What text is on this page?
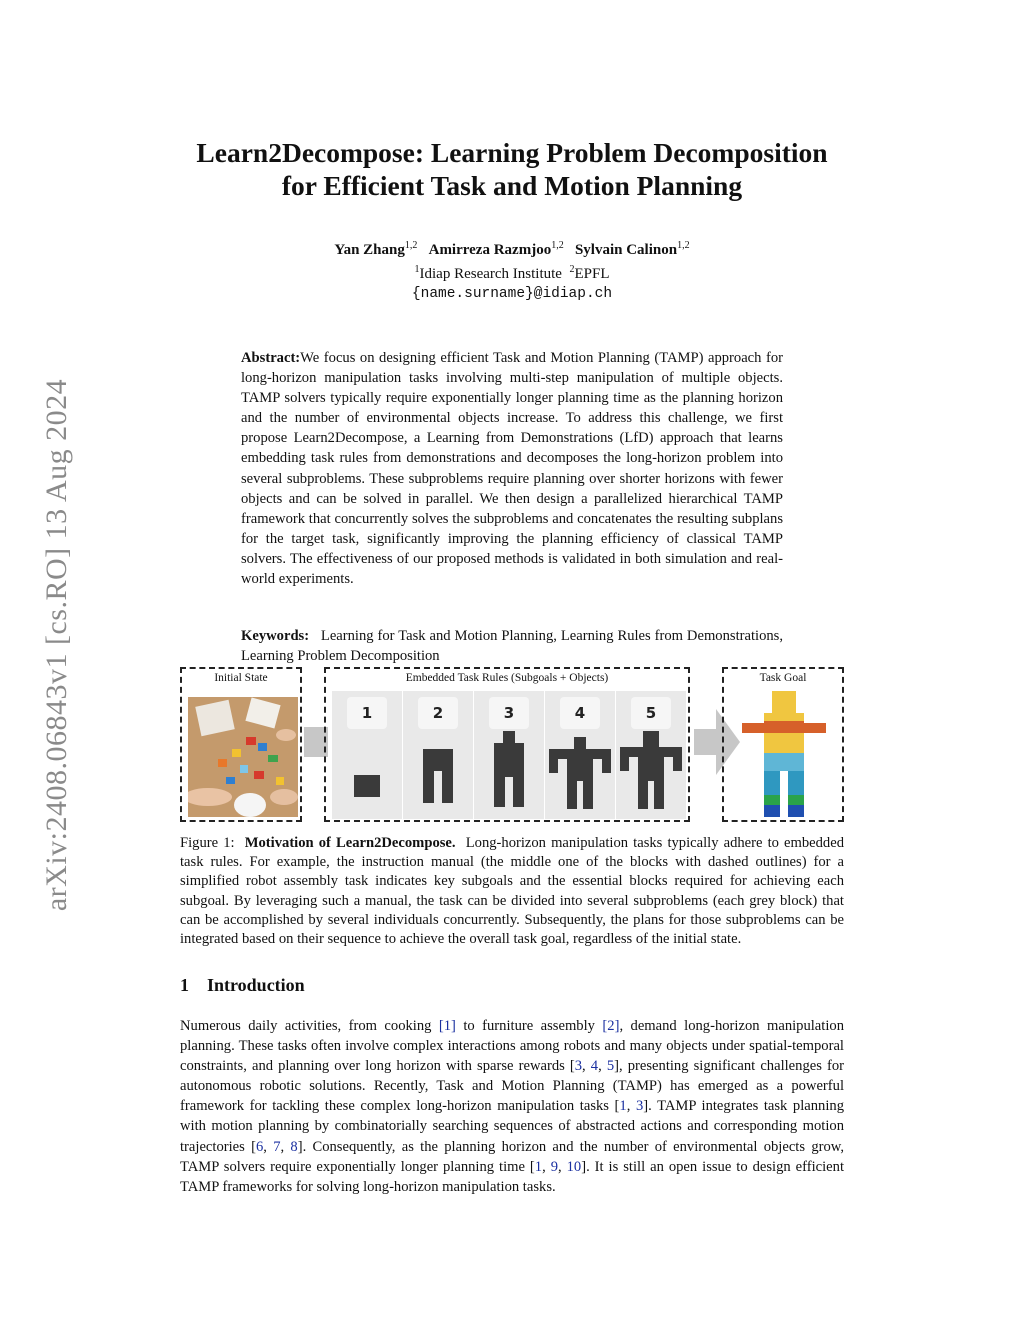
arXiv:2408.06843v1 [cs.RO] 13 Aug 2024
Learn2Decompose: Learning Problem Decomposition
for Efficient Task and Motion Planning
Yan Zhang$^{1,2}$ Amirreza Razmjoo$^{1,2}$ Sylvain Calinon$^{1,2}$
$^1$Idiap Research Institute $^2$EPFL
{name.surname}@idiap.ch
Abstract:We focus on designing efficient Task and Motion Planning (TAMP) approach for long-horizon manipulation tasks involving multi-step manipulation of multiple objects. TAMP solvers typically require exponentially longer planning time as the planning horizon and the number of environmental objects increase. To address this challenge, we first propose Learn2Decompose, a Learning from Demonstrations (LfD) approach that learns embedding task rules from demonstrations and decomposes the long-horizon problem into several subproblems. These subproblems require planning over shorter horizons with fewer objects and can be solved in parallel. We then design a parallelized hierarchical TAMP framework that concurrently solves the subproblems and concatenates the resulting subplans for the target task, significantly improving the planning efficiency of classical TAMP solvers. The effectiveness of our proposed methods is validated in both simulation and real-world experiments.
Keywords: Learning for Task and Motion Planning, Learning Rules from Demonstrations, Learning Problem Decomposition
Initial State	Embedded Task Rules (Subgoals + Objects)
1	2	3	4	5
Task Goal
Figure 1: Motivation of Learn2Decompose. Long-horizon manipulation tasks typically adhere to embedded task rules. For example, the instruction manual (the middle one of the blocks with dashed outlines) for a simplified robot assembly task indicates key subgoals and the essential blocks required for achieving each subgoal. By leveraging such a manual, the task can be divided into several subproblems (each grey block) that can be accomplished by several individuals concurrently. Subsequently, the plans for those subproblems can be integrated based on their sequence to achieve the overall task goal, regardless of the initial state.
1 Introduction
Numerous daily activities, from cooking [1] to furniture assembly [2], demand long-horizon manipulation planning. These tasks often involve complex interactions among robots and many objects under spatial-temporal constraints, and planning over long horizon with sparse rewards [3, 4, 5], presenting significant challenges for autonomous robotic solutions. Recently, Task and Motion Planning (TAMP) has emerged as a powerful framework for tackling these complex long-horizon manipulation tasks [1, 3]. TAMP integrates task planning with motion planning by combinatorially searching sequences of abstracted actions and corresponding motion trajectories [6, 7, 8]. Consequently, as the planning horizon and the number of environmental objects grow, TAMP solvers require exponentially longer planning time [1, 9, 10]. It is still an open issue to design efficient TAMP frameworks for solving long-horizon manipulation tasks.
